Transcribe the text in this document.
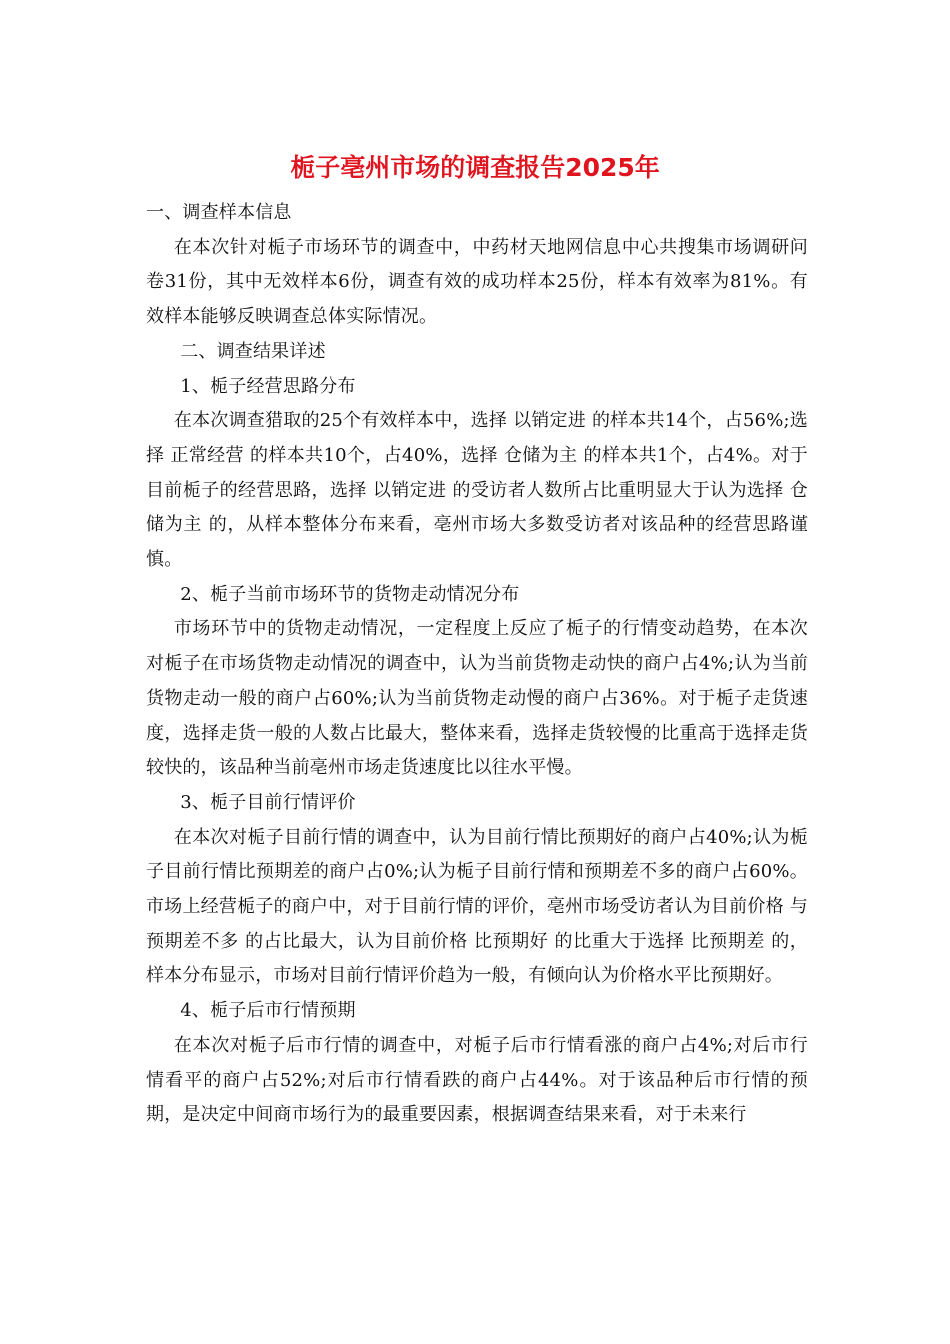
栀子亳州市场的调查报告2025年

一、调查样本信息

在本次针对栀子市场环节的调查中，中药材天地网信息中心共搜集市场调研问卷31份，其中无效样本6份，调查有效的成功样本25份，样本有效率为81%。有效样本能够反映调查总体实际情况。

二、调查结果详述

1、栀子经营思路分布

在本次调查猎取的25个有效样本中，选择 以销定进 的样本共14个，占56%;选择 正常经营 的样本共10个，占40%，选择 仓储为主 的样本共1个，占4%。对于目前栀子的经营思路，选择 以销定进 的受访者人数所占比重明显大于认为选择 仓储为主 的，从样本整体分布来看，亳州市场大多数受访者对该品种的经营思路谨慎。

2、栀子当前市场环节的货物走动情况分布

市场环节中的货物走动情况，一定程度上反应了栀子的行情变动趋势，在本次对栀子在市场货物走动情况的调查中，认为当前货物走动快的商户占4%;认为当前货物走动一般的商户占60%;认为当前货物走动慢的商户占36%。对于栀子走货速度，选择走货一般的人数占比最大，整体来看，选择走货较慢的比重高于选择走货较快的，该品种当前亳州市场走货速度比以往水平慢。

3、栀子目前行情评价

在本次对栀子目前行情的调查中，认为目前行情比预期好的商户占40%;认为栀子目前行情比预期差的商户占0%;认为栀子目前行情和预期差不多的商户占60%。市场上经营栀子的商户中，对于目前行情的评价，亳州市场受访者认为目前价格 与预期差不多 的占比最大，认为目前价格 比预期好 的比重大于选择 比预期差 的，样本分布显示，市场对目前行情评价趋为一般，有倾向认为价格水平比预期好。

4、栀子后市行情预期

在本次对栀子后市行情的调查中，对栀子后市行情看涨的商户占4%;对后市行情看平的商户占52%;对后市行情看跌的商户占44%。对于该品种后市行情的预期，是决定中间商市场行为的最重要因素，根据调查结果来看，对于未来行
